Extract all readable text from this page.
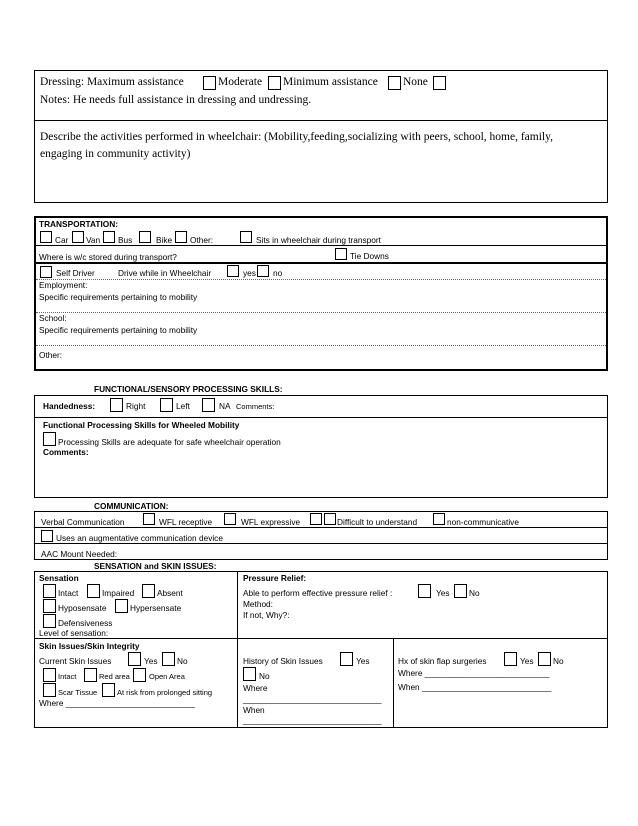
Dressing: Maximum assistance	Moderate Minimum assistance None
Notes: He needs full assistance in dressing and undressing.
Describe the activities performed in wheelchair: (Mobility,feeding,socializing with peers, school, home, family,
engaging in community activity)
TRANSPORTATION:
Car Van Bus	Bike Other:	Sits in wheelchair during transport
Where is w/c stored during transport?	Tie Downs
Self Driver	Drive while in Wheelchair	yes no
Employment:
Specific requirements pertaining to mobility
School:
Specific requirements pertaining to mobility
Other:
FUNCTIONAL/SENSORY PROCESSING SKILLS:
Handedness:	Right	Left	NA Comments:
Functional Processing Skills for Wheeled Mobility
Processing Skills are adequate for safe wheelchair operation
Comments:
COMMUNICATION:
Verbal Communication	WFL receptive	WFL expressive	Difficult to understand	non-communicative
Uses an augmentative communication device
AAC Mount Needed:
SENSATION and SKIN ISSUES:
Sensation
Intact	Impaired	Absent
Hyposensate	Hypersensate
Defensiveness
Level of sensation:
Pressure Relief:
Able to perform effective pressure relief :	Yes No
Method:
If not, Why?:
Skin Issues/Skin Integrity
Current Skin Issues	Yes No
Intact	Red area	Open Area
Scar Tissue	At risk from prolonged sitting
Where ____________________________
History of Skin Issues	Yes
No
Where
______________________________
When
______________________________
Hx of skin flap surgeries	Yes No
Where ___________________________
When ____________________________
